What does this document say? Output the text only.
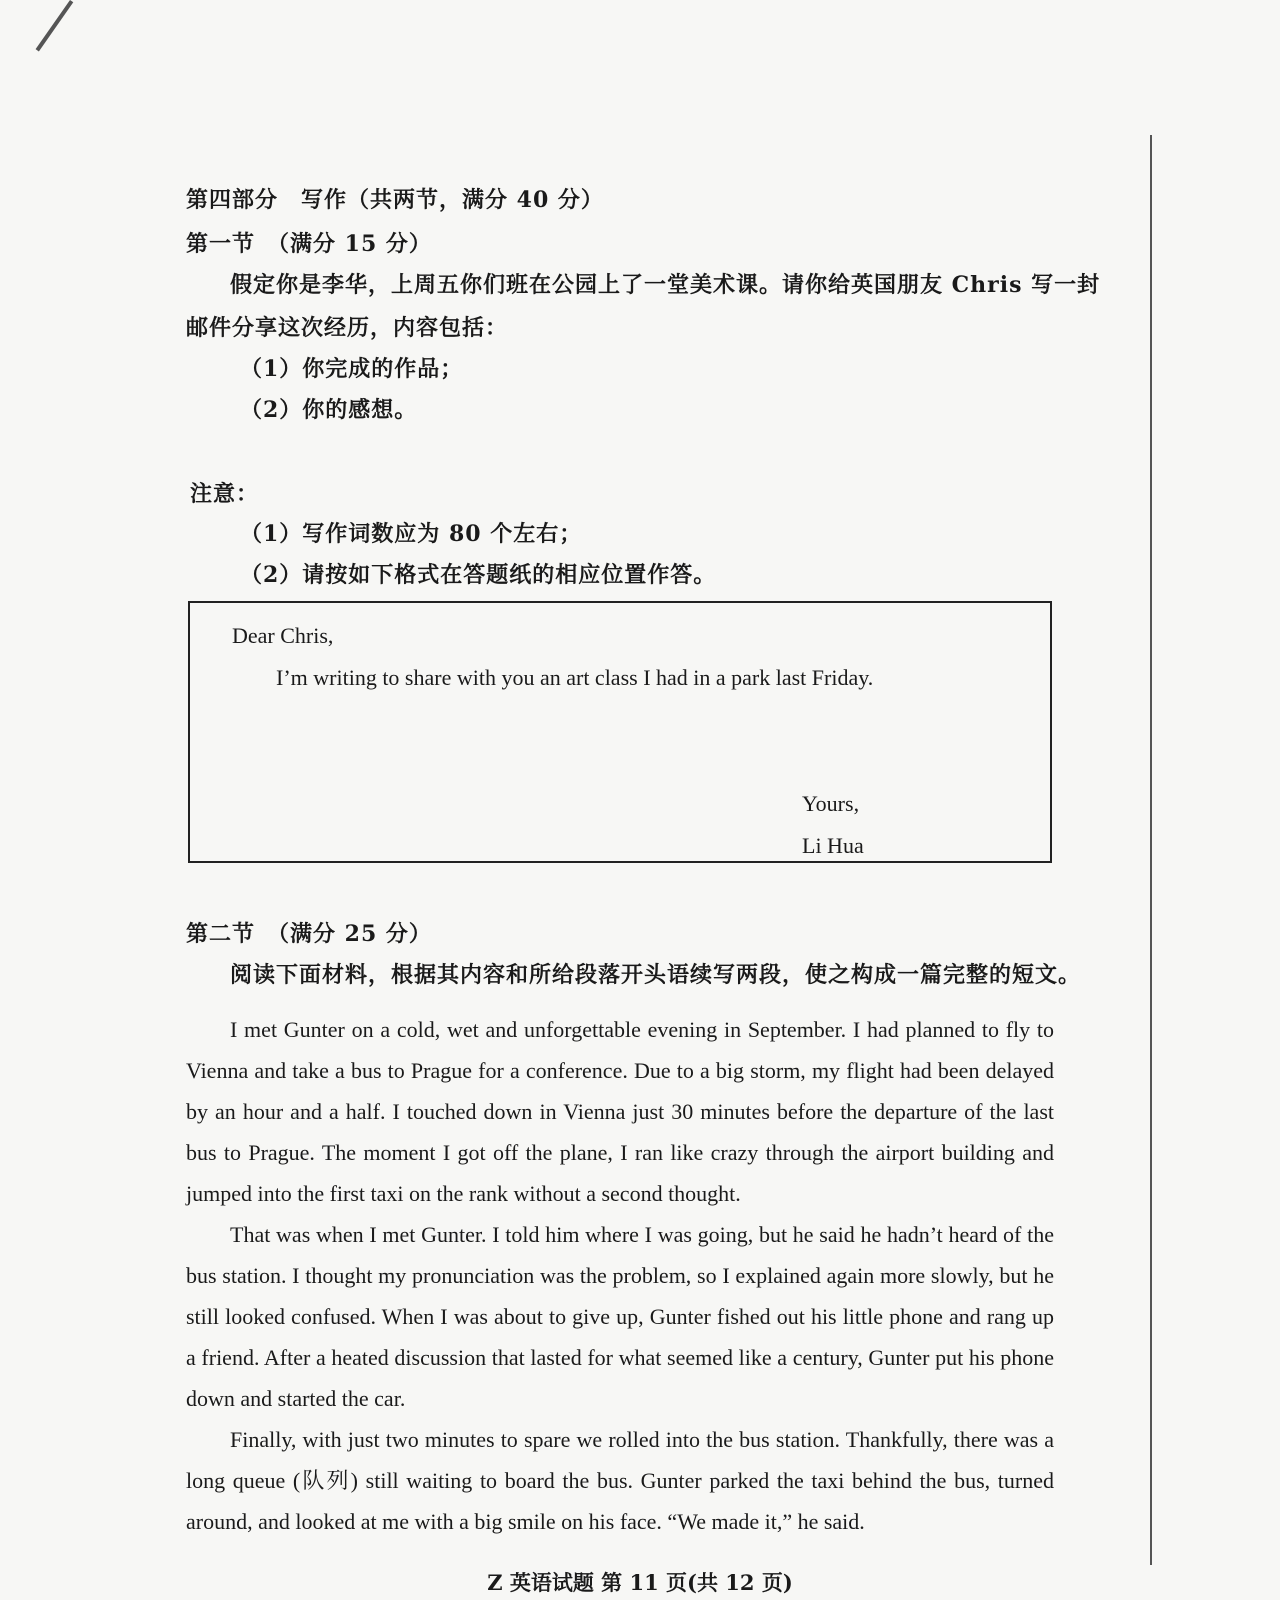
第四部分　写作（共两节，满分 40 分）
第一节　（满分 15 分）
假定你是李华，上周五你们班在公园上了一堂美术课。请你给英国朋友 Chris 写一封
邮件分享这次经历，内容包括：
（1）你完成的作品；
（2）你的感想。
注意：
（1）写作词数应为 80 个左右；
（2）请按如下格式在答题纸的相应位置作答。
Dear Chris,
I’m writing to share with you an art class I had in a park last Friday.
Yours,
Li Hua
第二节　（满分 25 分）
阅读下面材料，根据其内容和所给段落开头语续写两段，使之构成一篇完整的短文。

I met Gunter on a cold, wet and unforgettable evening in September. I had planned to fly to Vienna and take a bus to Prague for a conference. Due to a big storm, my flight had been delayed by an hour and a half. I touched down in Vienna just 30 minutes before the departure of the last bus to Prague. The moment I got off the plane, I ran like crazy through the airport building and jumped into the first taxi on the rank without a second thought.

That was when I met Gunter. I told him where I was going, but he said he hadn’t heard of the bus station. I thought my pronunciation was the problem, so I explained again more slowly, but he still looked confused. When I was about to give up, Gunter fished out his little phone and rang up a friend. After a heated discussion that lasted for what seemed like a century, Gunter put his phone down and started the car.

Finally, with just two minutes to spare we rolled into the bus station. Thankfully, there was a long queue (队列) still waiting to board the bus. Gunter parked the taxi behind the bus, turned around, and looked at me with a big smile on his face. “We made it,” he said.

Z 英语试题 第 11 页(共 12 页)
